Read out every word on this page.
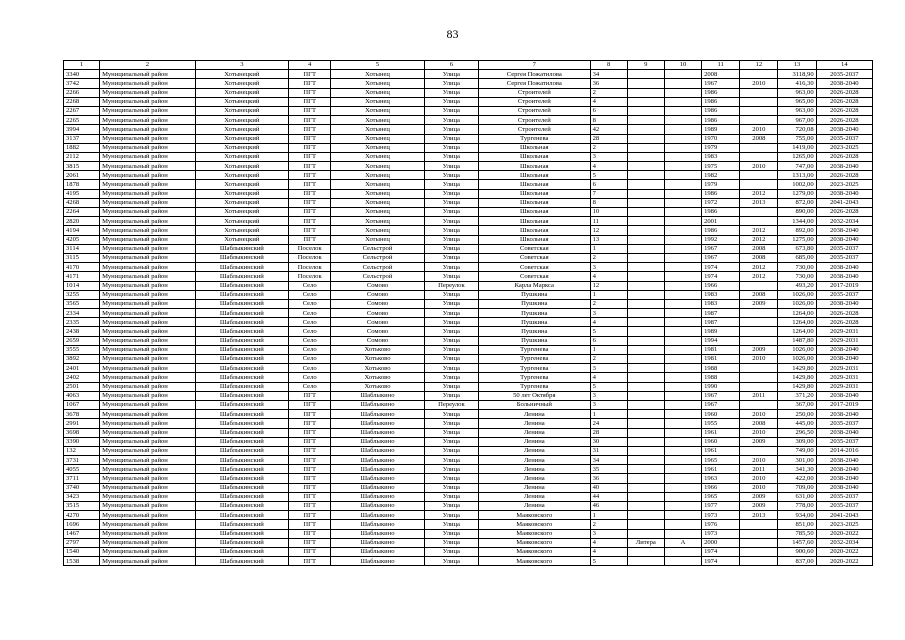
83
1	2	3	4	5	6	7	8	9	10	11	12	13	14
3340	Муниципальный район	Хотынецкий	ПГТ	Хотынец	Улица	Сергея Пожатилова	34			2008		3118,90	2035-2037
3742	Муниципальный район	Хотынецкий	ПГТ	Хотынец	Улица	Сергея Пожатилова	36			1967	2010	416,30	2038-2040
2266	Муниципальный район	Хотынецкий	ПГТ	Хотынец	Улица	Строителей	2			1986		963,00	2026-2028
2268	Муниципальный район	Хотынецкий	ПГТ	Хотынец	Улица	Строителей	4			1986		965,00	2026-2028
2267	Муниципальный район	Хотынецкий	ПГТ	Хотынец	Улица	Строителей	6			1986		963,00	2026-2028
2265	Муниципальный район	Хотынецкий	ПГТ	Хотынец	Улица	Строителей	8			1986		967,00	2026-2028
3994	Муниципальный район	Хотынецкий	ПГТ	Хотынец	Улица	Строителей	42			1989	2010	720,08	2038-2040
3137	Муниципальный район	Хотынецкий	ПГТ	Хотынец	Улица	Тургенева	28			1970	2008	755,00	2035-2037
1882	Муниципальный район	Хотынецкий	ПГТ	Хотынец	Улица	Школьная	2			1979		1419,00	2023-2025
2112	Муниципальный район	Хотынецкий	ПГТ	Хотынец	Улица	Школьная	3			1983		1265,00	2026-2028
3815	Муниципальный район	Хотынецкий	ПГТ	Хотынец	Улица	Школьная	4			1975	2010	747,00	2038-2040
2061	Муниципальный район	Хотынецкий	ПГТ	Хотынец	Улица	Школьная	5			1982		1313,00	2026-2028
1878	Муниципальный район	Хотынецкий	ПГТ	Хотынец	Улица	Школьная	6			1979		1002,00	2023-2025
4195	Муниципальный район	Хотынецкий	ПГТ	Хотынец	Улица	Школьная	7			1986	2012	1279,00	2038-2040
4268	Муниципальный район	Хотынецкий	ПГТ	Хотынец	Улица	Школьная	8			1972	2013	872,00	2041-2043
2264	Муниципальный район	Хотынецкий	ПГТ	Хотынец	Улица	Школьная	10			1986		890,00	2026-2028
2820	Муниципальный район	Хотынецкий	ПГТ	Хотынец	Улица	Школьная	11			2001		1344,00	2032-2034
4194	Муниципальный район	Хотынецкий	ПГТ	Хотынец	Улица	Школьная	12			1986	2012	892,00	2038-2040
4205	Муниципальный район	Хотынецкий	ПГТ	Хотынец	Улица	Школьная	13			1992	2012	1275,00	2038-2040
3114	Муниципальный район	Шаблыкинский	Поселок	Сельстрой	Улица	Советская	1			1967	2008	673,80	2035-2037
3115	Муниципальный район	Шаблыкинский	Поселок	Сельстрой	Улица	Советская	2			1967	2008	685,00	2035-2037
4170	Муниципальный район	Шаблыкинский	Поселок	Сельстрой	Улица	Советская	3			1974	2012	730,00	2038-2040
4171	Муниципальный район	Шаблыкинский	Поселок	Сельстрой	Улица	Советская	4			1974	2012	730,00	2038-2040
1014	Муниципальный район	Шаблыкинский	Село	Сомово	Переулок	Карла Маркса	12			1966		493,20	2017-2019
3255	Муниципальный район	Шаблыкинский	Село	Сомово	Улица	Пушкина	1			1983	2008	1026,00	2035-2037
3565	Муниципальный район	Шаблыкинский	Село	Сомово	Улица	Пушкина	2			1983	2009	1026,00	2038-2040
2334	Муниципальный район	Шаблыкинский	Село	Сомово	Улица	Пушкина	3			1987		1264,00	2026-2028
2335	Муниципальный район	Шаблыкинский	Село	Сомово	Улица	Пушкина	4			1987		1264,00	2026-2028
2438	Муниципальный район	Шаблыкинский	Село	Сомово	Улица	Пушкина	5			1989		1264,00	2029-2031
2659	Муниципальный район	Шаблыкинский	Село	Сомово	Улица	Пушкина	6			1994		1487,80	2029-2031
3555	Муниципальный район	Шаблыкинский	Село	Хотьково	Улица	Тургенева	1			1981	2009	1026,00	2038-2040
3892	Муниципальный район	Шаблыкинский	Село	Хотьково	Улица	Тургенева	2			1981	2010	1026,00	2038-2040
2401	Муниципальный район	Шаблыкинский	Село	Хотьково	Улица	Тургенева	3			1988		1429,80	2029-2031
2402	Муниципальный район	Шаблыкинский	Село	Хотьково	Улица	Тургенева	4			1988		1429,80	2029-2031
2501	Муниципальный район	Шаблыкинский	Село	Хотьково	Улица	Тургенева	5			1990		1429,80	2029-2031
4063	Муниципальный район	Шаблыкинский	ПГТ	Шаблыкино	Улица	50 лет Октября	3			1967	2011	371,20	2038-2040
1067	Муниципальный район	Шаблыкинский	ПГТ	Шаблыкино	Переулок	Больничный	3			1967		367,00	2017-2019
3678	Муниципальный район	Шаблыкинский	ПГТ	Шаблыкино	Улица	Ленина	1			1960	2010	250,00	2038-2040
2991	Муниципальный район	Шаблыкинский	ПГТ	Шаблыкино	Улица	Ленина	24			1955	2008	445,00	2035-2037
3698	Муниципальный район	Шаблыкинский	ПГТ	Шаблыкино	Улица	Ленина	28			1961	2010	296,50	2038-2040
3390	Муниципальный район	Шаблыкинский	ПГТ	Шаблыкино	Улица	Ленина	30			1960	2009	309,00	2035-2037
132	Муниципальный район	Шаблыкинский	ПГТ	Шаблыкино	Улица	Ленина	31			1961		749,00	2014-2016
3731	Муниципальный район	Шаблыкинский	ПГТ	Шаблыкино	Улица	Ленина	34			1965	2010	301,00	2038-2040
4055	Муниципальный район	Шаблыкинский	ПГТ	Шаблыкино	Улица	Ленина	35			1961	2011	341,30	2038-2040
3711	Муниципальный район	Шаблыкинский	ПГТ	Шаблыкино	Улица	Ленина	36			1963	2010	422,00	2038-2040
3740	Муниципальный район	Шаблыкинский	ПГТ	Шаблыкино	Улица	Ленина	40			1966	2010	709,00	2038-2040
3423	Муниципальный район	Шаблыкинский	ПГТ	Шаблыкино	Улица	Ленина	44			1965	2009	631,00	2035-2037
3515	Муниципальный район	Шаблыкинский	ПГТ	Шаблыкино	Улица	Ленина	46			1977	2009	778,00	2035-2037
4270	Муниципальный район	Шаблыкинский	ПГТ	Шаблыкино	Улица	Маяковского	1			1973	2013	934,00	2041-2043
1696	Муниципальный район	Шаблыкинский	ПГТ	Шаблыкино	Улица	Маяковского	2			1976		851,00	2023-2025
1467	Муниципальный район	Шаблыкинский	ПГТ	Шаблыкино	Улица	Маяковского	3			1973		785,50	2020-2022
2797	Муниципальный район	Шаблыкинский	ПГТ	Шаблыкино	Улица	Маяковского	4	Литера	А	2000		1457,60	2032-2034
1540	Муниципальный район	Шаблыкинский	ПГТ	Шаблыкино	Улица	Маяковского	4			1974		900,60	2020-2022
1538	Муниципальный район	Шаблыкинский	ПГТ	Шаблыкино	Улица	Маяковского	5			1974		837,00	2020-2022
